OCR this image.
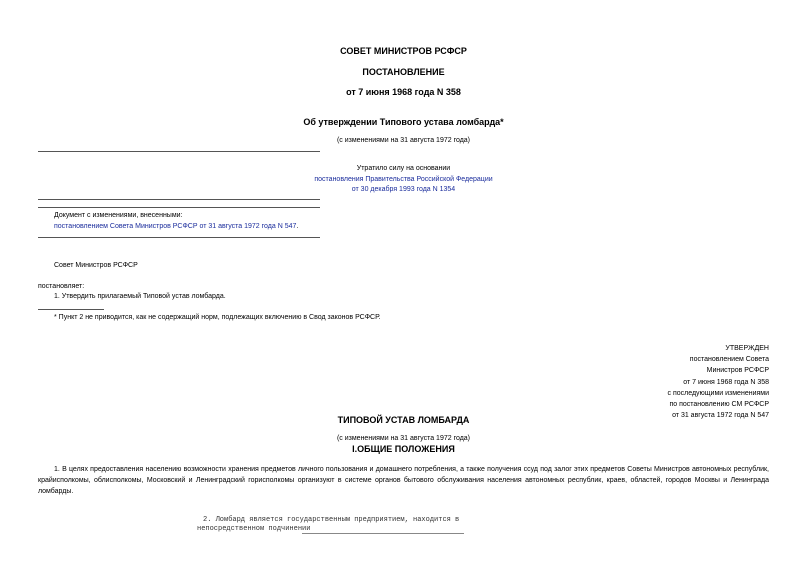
СОВЕТ МИНИСТРОВ РСФСР
ПОСТАНОВЛЕНИЕ
от 7 июня 1968 года N 358
Об утверждении Типового устава ломбарда*
(с изменениями на 31 августа 1972 года)
Утратило силу на основании
постановления Правительства Российской Федерации
от 30 декабря 1993 года N 1354
Документ с изменениями, внесенными:
постановлением Совета Министров РСФСР от 31 августа 1972 года N 547.
Совет Министров РСФСР
постановляет:
1. Утвердить прилагаемый Типовой устав ломбарда.
* Пункт 2 не приводится, как не содержащий норм, подлежащих включению в Свод законов РСФСР.
УТВЕРЖДЕН
постановлением Совета
Министров РСФСР
от 7 июня 1968 года N 358
с последующими изменениями
по постановлению СМ РСФСР
от 31 августа 1972 года N 547
ТИПОВОЙ УСТАВ ЛОМБАРДА
(с изменениями на 31 августа 1972 года)
I.ОБЩИЕ ПОЛОЖЕНИЯ
1. В целях предоставления населению возможности хранения предметов личного пользования и домашнего потребления, а также получения ссуд под залог этих предметов Советы Министров автономных республик, крайисполкомы, облисполкомы, Московский и Ленинградский горисполкомы организуют в системе органов бытового обслуживания населения автономных республик, краев, областей, городов Москвы и Ленинграда ломбарды.
2. Ломбард является государственным предприятием, находится в
непосредственном подчинении
